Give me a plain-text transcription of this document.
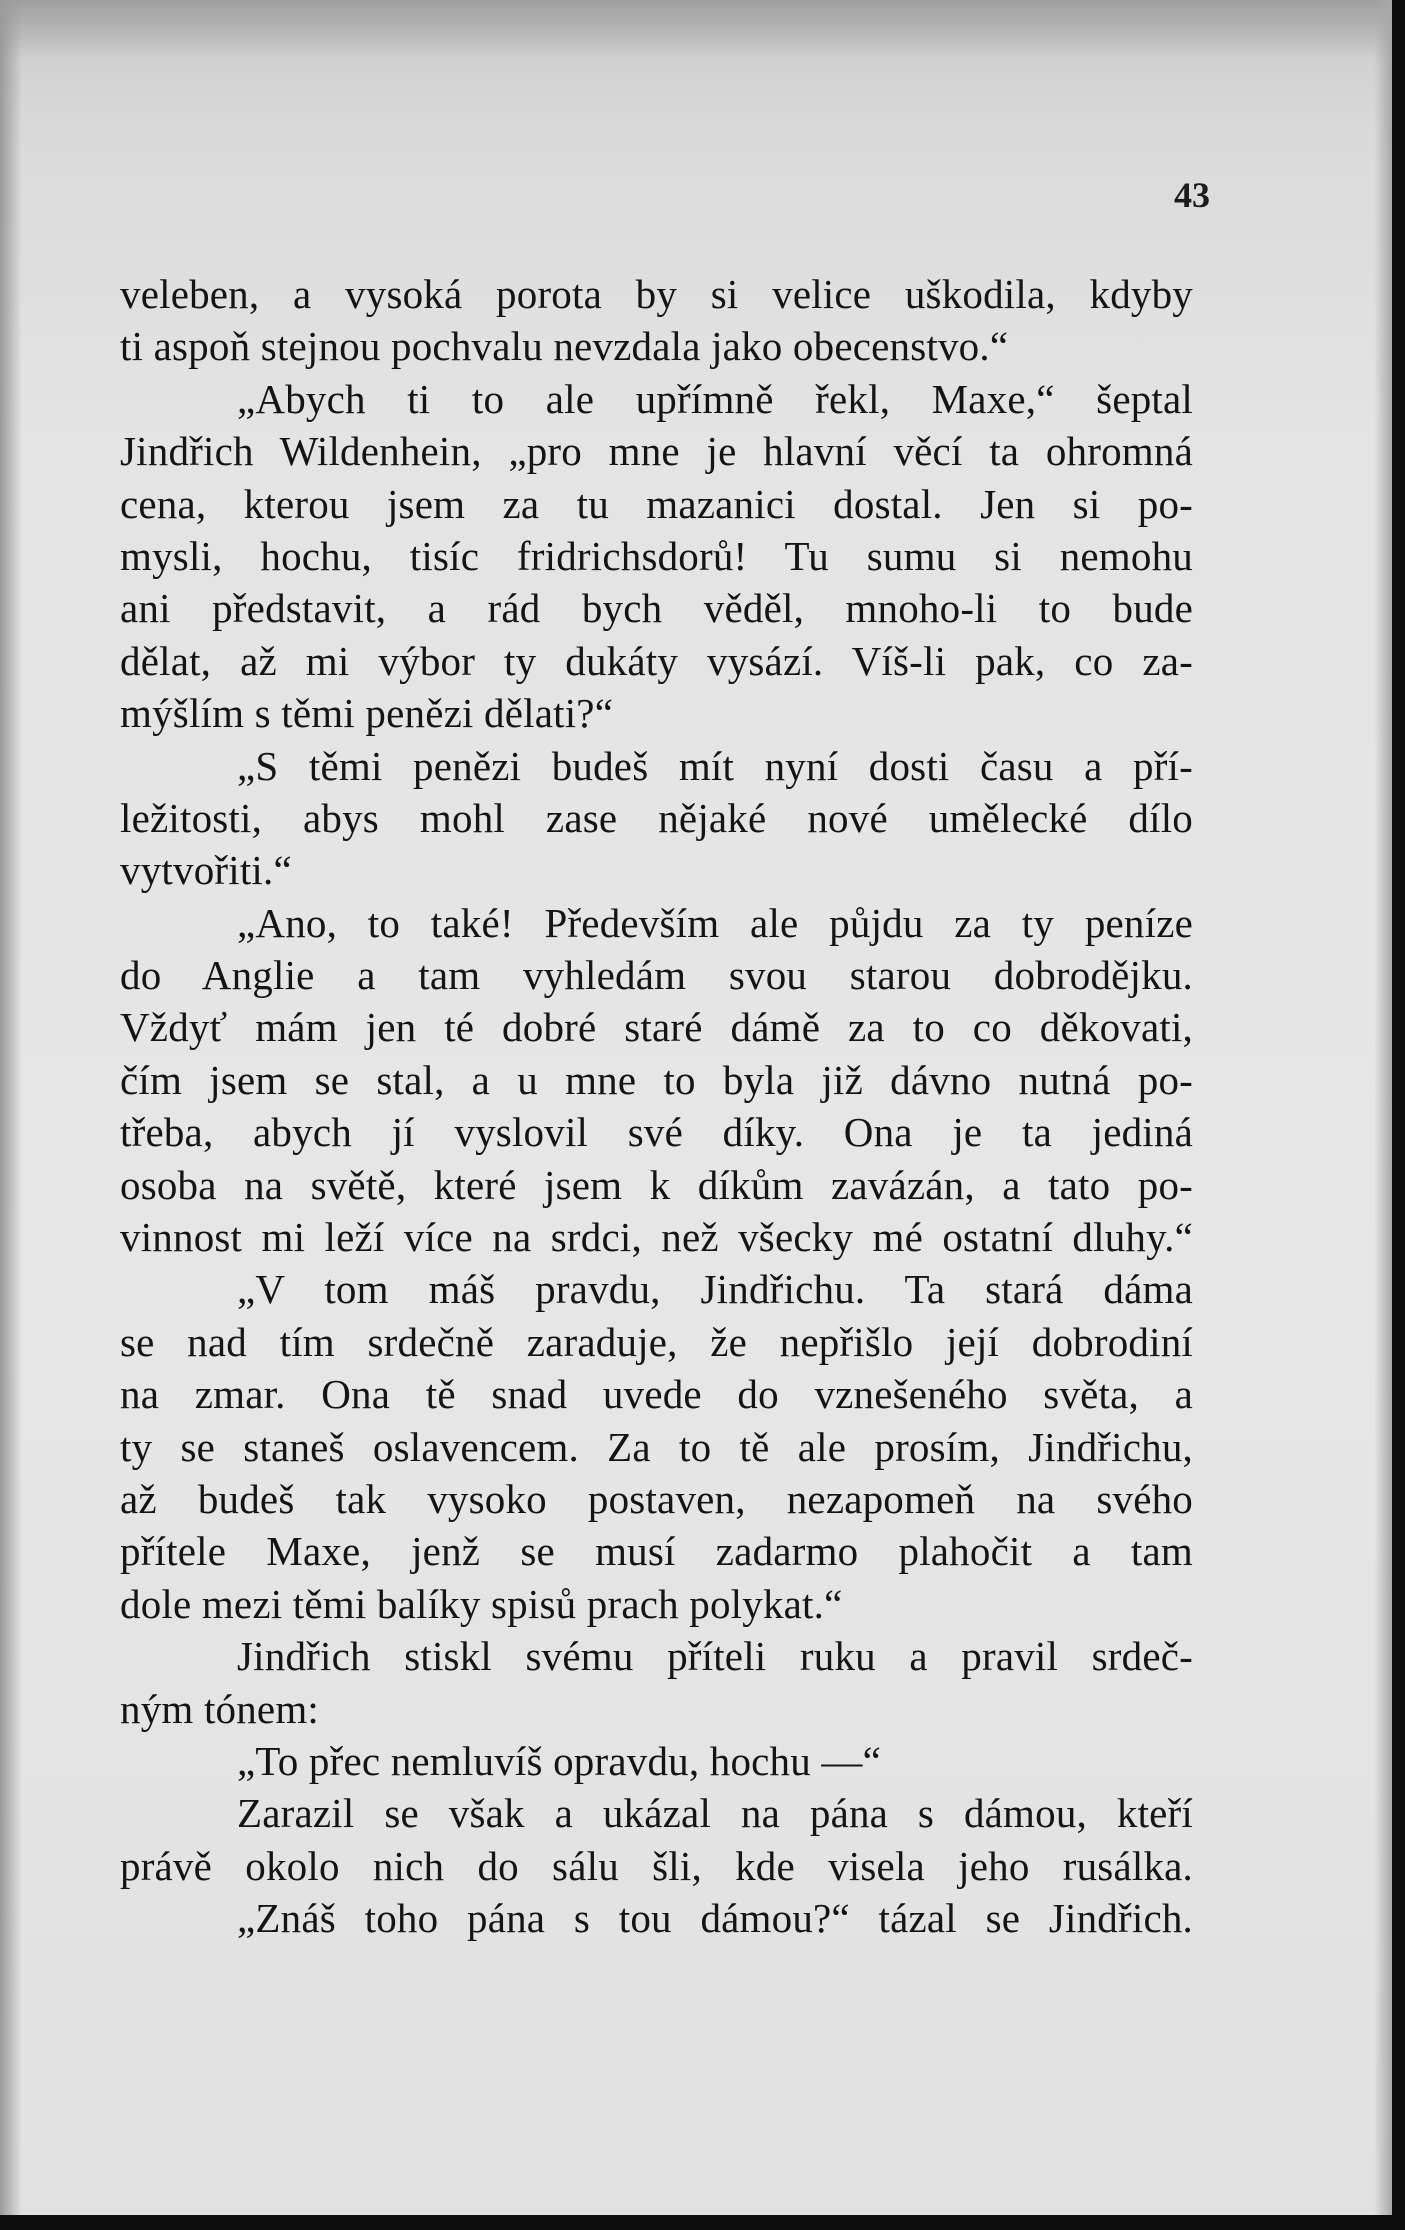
43
veleben, a vysoká porota by si velice uškodila, kdyby
ti aspoň stejnou pochvalu nevzdala jako obecenstvo.“
„Abych ti to ale upřímně řekl, Maxe,“ šeptal
Jindřich Wildenhein, „pro mne je hlavní věcí ta ohromná
cena, kterou jsem za tu mazanici dostal. Jen si po-
mysli, hochu, tisíc fridrichsdorů! Tu sumu si nemohu
ani představit, a rád bych věděl, mnoho-li to bude
dělat, až mi výbor ty dukáty vysází. Víš-li pak, co za-
mýšlím s těmi penězi dělati?“
„S těmi penězi budeš mít nyní dosti času a pří-
ležitosti, abys mohl zase nějaké nové umělecké dílo
vytvořiti.“
„Ano, to také! Především ale půjdu za ty peníze
do Anglie a tam vyhledám svou starou dobrodějku.
Vždyť mám jen té dobré staré dámě za to co děkovati,
čím jsem se stal, a u mne to byla již dávno nutná po-
třeba, abych jí vyslovil své díky. Ona je ta jediná
osoba na světě, které jsem k díkům zavázán, a tato po-
vinnost mi leží více na srdci, než všecky mé ostatní dluhy.“
„V tom máš pravdu, Jindřichu. Ta stará dáma
se nad tím srdečně zaraduje, že nepřišlo její dobrodiní
na zmar. Ona tě snad uvede do vznešeného světa, a
ty se staneš oslavencem. Za to tě ale prosím, Jindřichu,
až budeš tak vysoko postaven, nezapomeň na svého
přítele Maxe, jenž se musí zadarmo plahočit a tam
dole mezi těmi balíky spisů prach polykat.“
Jindřich stiskl svému příteli ruku a pravil srdeč-
ným tónem:
„To přec nemluvíš opravdu, hochu —“
Zarazil se však a ukázal na pána s dámou, kteří
právě okolo nich do sálu šli, kde visela jeho rusálka.
„Znáš toho pána s tou dámou?“ tázal se Jindřich.
